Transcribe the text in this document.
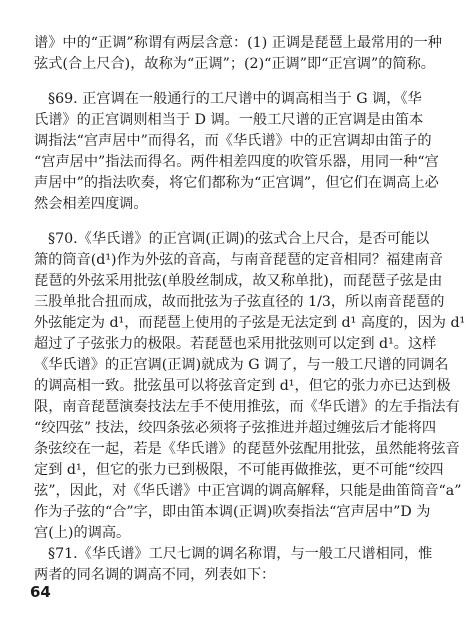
谱》中的“正调”称谓有两层含意：(1) 正调是琵琶上最常用的一种
弦式(合上尺合)，故称为“正调”；(2)“正调”即“正宫调”的简称。
§69. 正宫调在一般通行的工尺谱中的调高相当于 G 调，《华
氏谱》的正宫调则相当于 D 调。一般工尺谱的正宫调是由笛本
调指法“宫声居中”而得名，而《华氏谱》中的正宫调却由笛子的
“宫声居中”指法而得名。两件相差四度的吹管乐器，用同一种“宫
声居中”的指法吹奏，将它们都称为“正宫调”，但它们在调高上必
然会相差四度调。
§70.《华氏谱》的正宫调(正调)的弦式合上尺合，是否可能以
箫的筒音(d¹)作为外弦的音高，与南音琵琶的定音相同？福建南音
琵琶的外弦采用批弦(单股丝制成，故又称单批)，而琵琶子弦是由
三股单批合扭而成，故而批弦为子弦直径的 1/3，所以南音琵琶的
外弦能定为 d¹，而琵琶上使用的子弦是无法定到 d¹ 高度的，因为 d¹
超过了子弦张力的极限。若琵琶也采用批弦则可以定到 d¹。这样
《华氏谱》的正宫调(正调)就成为 G 调了，与一般工尺谱的同调名
的调高相一致。批弦虽可以将弦音定到 d¹，但它的张力亦已达到极
限，南音琵琶演奏技法左手不使用推弦，而《华氏谱》的左手指法有
“绞四弦” 技法，绞四条弦必须将子弦推进并超过缠弦后才能将四
条弦绞在一起，若是《华氏谱》的琵琶外弦配用批弦，虽然能将弦音
定到 d¹，但它的张力已到极限，不可能再做推弦，更不可能“绞四
弦”，因此，对《华氏谱》中正宫调的调高解释，只能是曲笛筒音“a”
作为子弦的“合”字，即由笛本调(正调)吹奏指法“宫声居中”D 为
宫(上)的调高。
§71.《华氏谱》工尺七调的调名称谓，与一般工尺谱相同，惟
两者的同名调的调高不同，列表如下：
64
